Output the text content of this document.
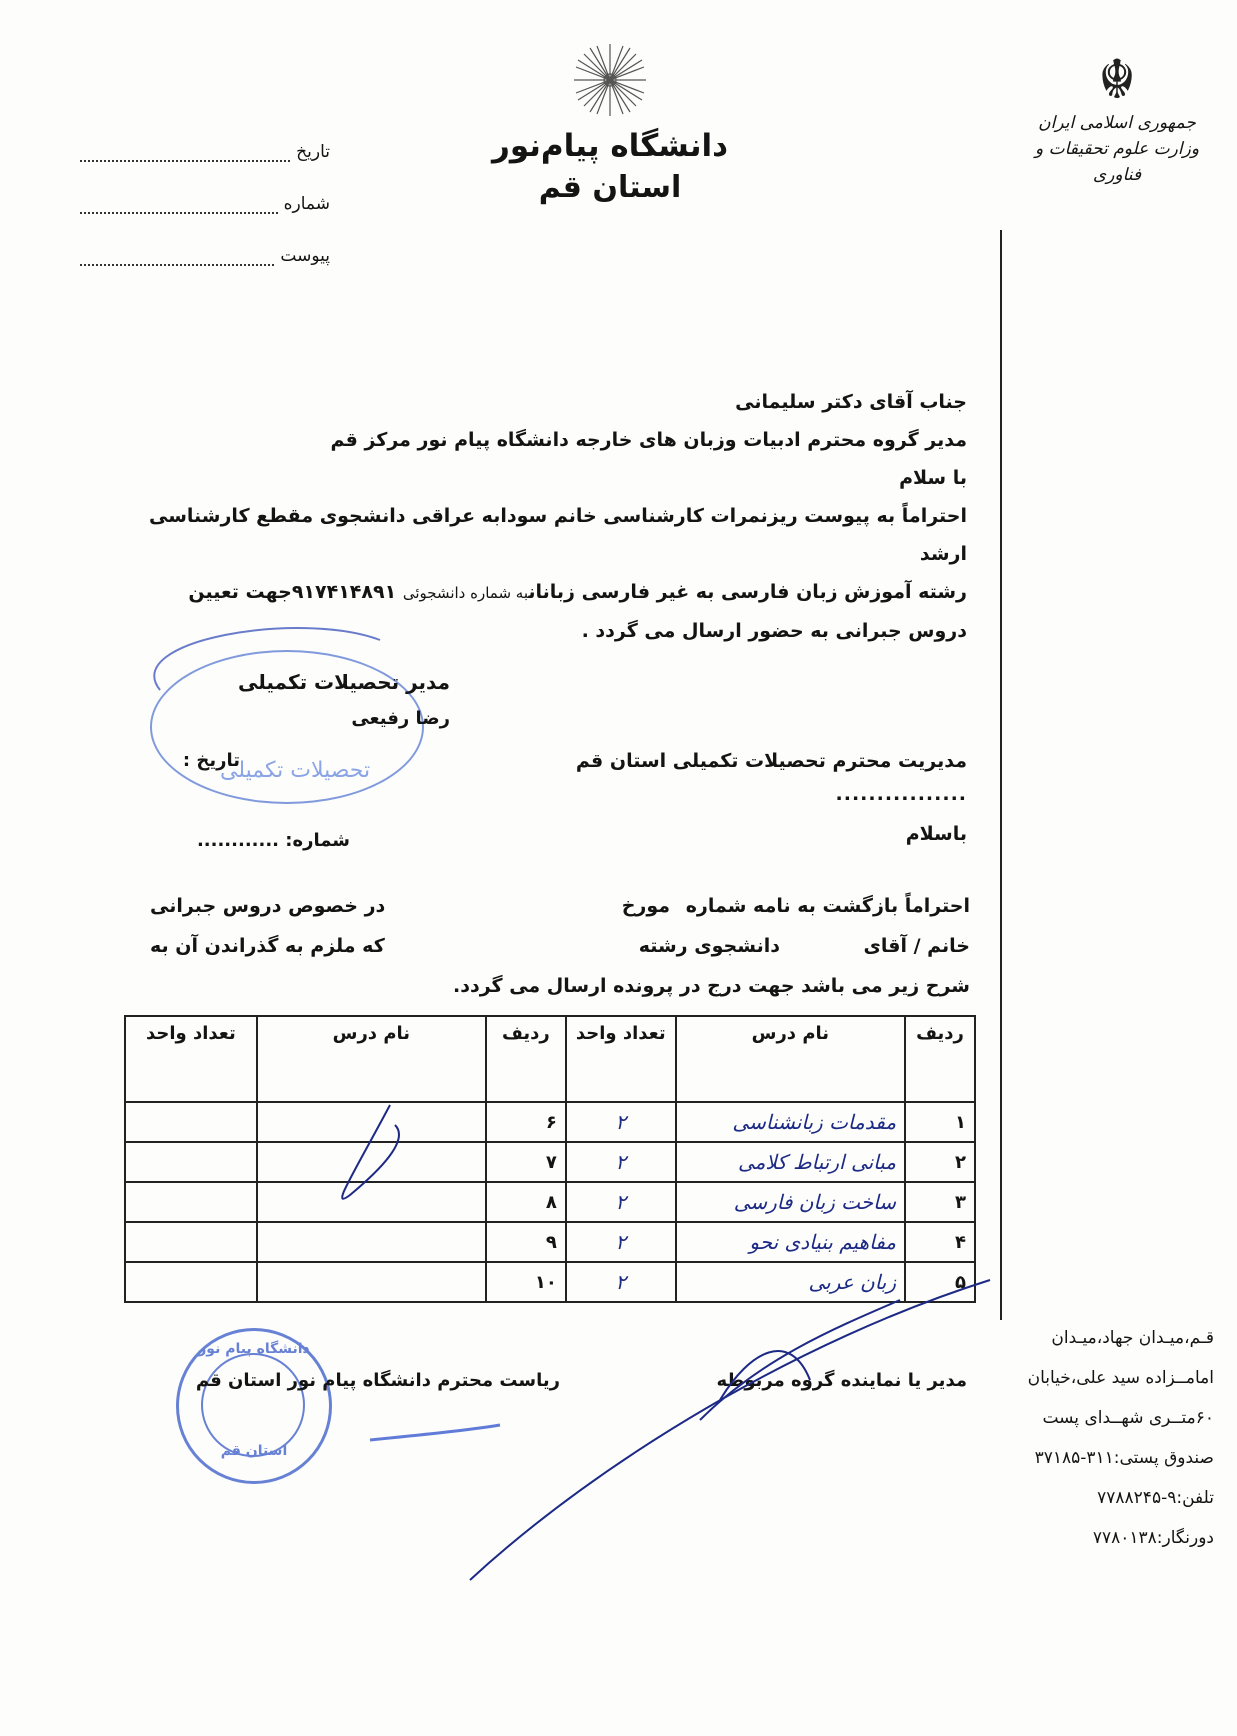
☬
جمهوری اسلامی ایران
وزارت علوم تحقیقات و فناوری
دانشگاه پیام‌نور
استان قم
تاریخ
شماره
پیوست

جناب آقای دکتر سلیمانی

مدیر گروه محترم ادبیات وزبان های خارجه دانشگاه پیام نور مرکز قم

با سلام

احتراماً به پیوست ریزنمرات کارشناسی خانم سودابه عراقی دانشجوی مقطع کارشناسی ارشد

رشته آموزش زبان فارسی به غیر فارسی زبانانبه شماره دانشجوئی ۹۱۷۴۱۴۸۹۱جهت تعیین

دروس جبرانی به حضور ارسال می گردد .

مدیر تحصیلات تکمیلی
رضا رفیعی
تحصیلات تکمیلی
تاریخ :
شماره: ............
مدیریت محترم تحصیلات تکمیلی استان قم
................
باسلام
احتراماً بازگشت به نامه شماره
مورخ
در خصوص دروس جبرانی
خانم / آقای
دانشجوی رشته
که ملزم به گذراندن آن به
شرح زیر می باشد جهت درج در پرونده ارسال می گردد.
ردیف	نام درس	تعداد واحد	ردیف	نام درس	تعداد واحد
۱	مقدمات زبانشناسی	۲	۶		
۲	مبانی ارتباط کلامی	۲	۷		
۳	ساخت زبان فارسی	۲	۸		
۴	مفاهیم بنیادی نحو	۲	۹		
۵	زبان عربی	۲	۱۰		
مدیر یا نماینده گروه مربوطه
دانشگاه پیام نور
استان قم
ریاست محترم دانشگاه پیام نور استان قم
قـم،میـدان جهاد،میـدان
امامــزاده سید علی،خیابان
۶۰متــری شهــدای پست
صندوق پستی:۳۱۱-۳۷۱۸۵
تلفن:۹-۷۷۸۸۲۴۵
دورنگار:۷۷۸۰۱۳۸
